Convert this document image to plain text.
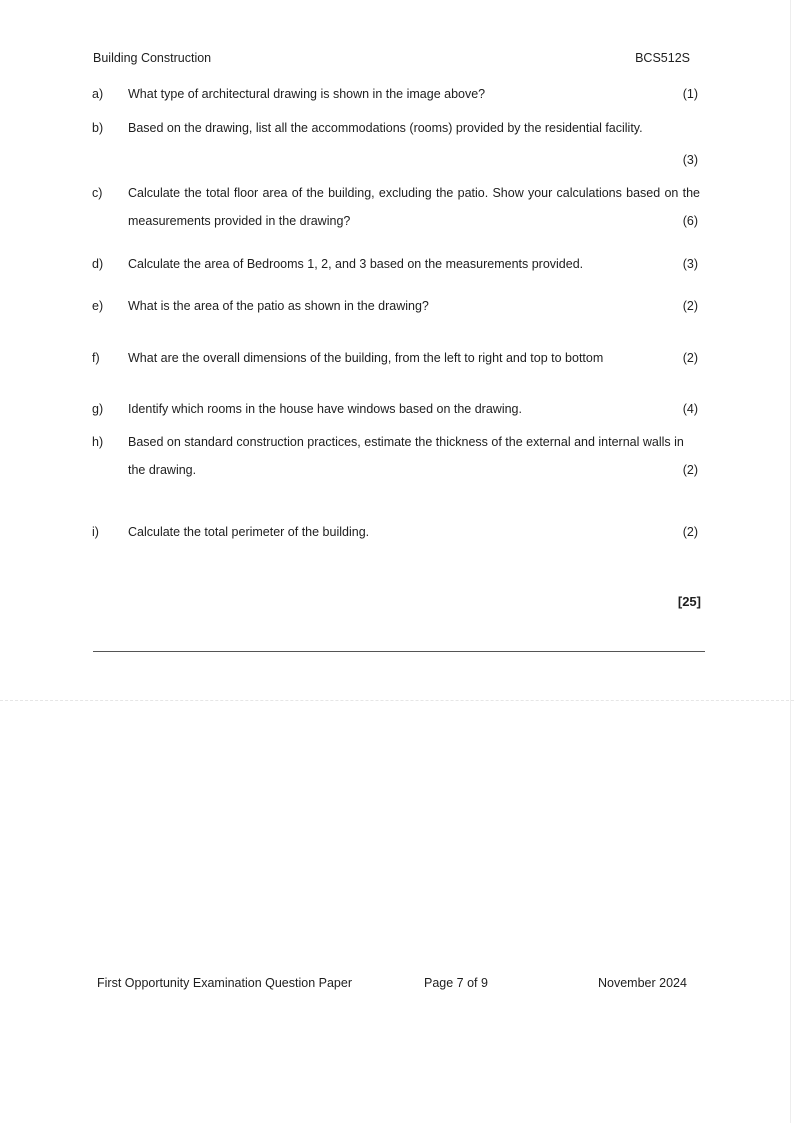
Building Construction	BCS512S
a) What type of architectural drawing is shown in the image above?	(1)
b) Based on the drawing, list all the accommodations (rooms) provided by the residential facility.
(3)
c) Calculate the total floor area of the building, excluding the patio. Show your calculations based on the measurements provided in the drawing?	(6)
d) Calculate the area of Bedrooms 1, 2, and 3 based on the measurements provided.	(3)
e) What is the area of the patio as shown in the drawing?	(2)
f) What are the overall dimensions of the building, from the left to right and top to bottom	(2)
g) Identify which rooms in the house have windows based on the drawing.	(4)
h) Based on standard construction practices, estimate the thickness of the external and internal walls in the drawing.	(2)
i) Calculate the total perimeter of the building.	(2)
[25]
First Opportunity Examination Question Paper	Page 7 of 9	November 2024
